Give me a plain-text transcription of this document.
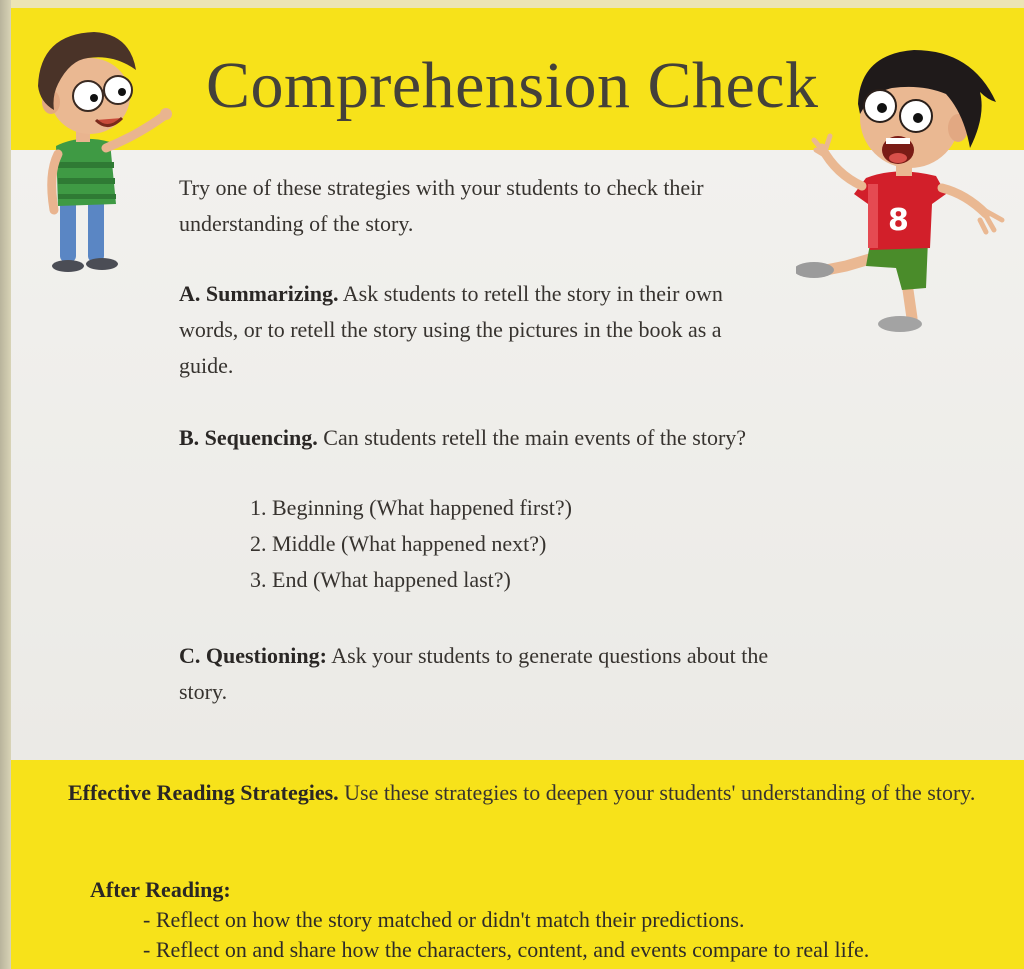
Comprehension Check
8
Try one of these strategies with your students to check their understanding of the story.
A. Summarizing. Ask students to retell the story in their own words, or to retell the story using the pictures in the book as a guide.
B. Sequencing. Can students retell the main events of the story?
1. Beginning (What happened first?)
2. Middle (What happened next?)
3. End (What happened last?)
C. Questioning: Ask your students to generate questions about the story.
Effective Reading Strategies. Use these strategies to deepen your students' understanding of the story.
After Reading:
- Reflect on how the story matched or didn't match their predictions.
- Reflect on and share how the characters, content, and events compare to real life.
